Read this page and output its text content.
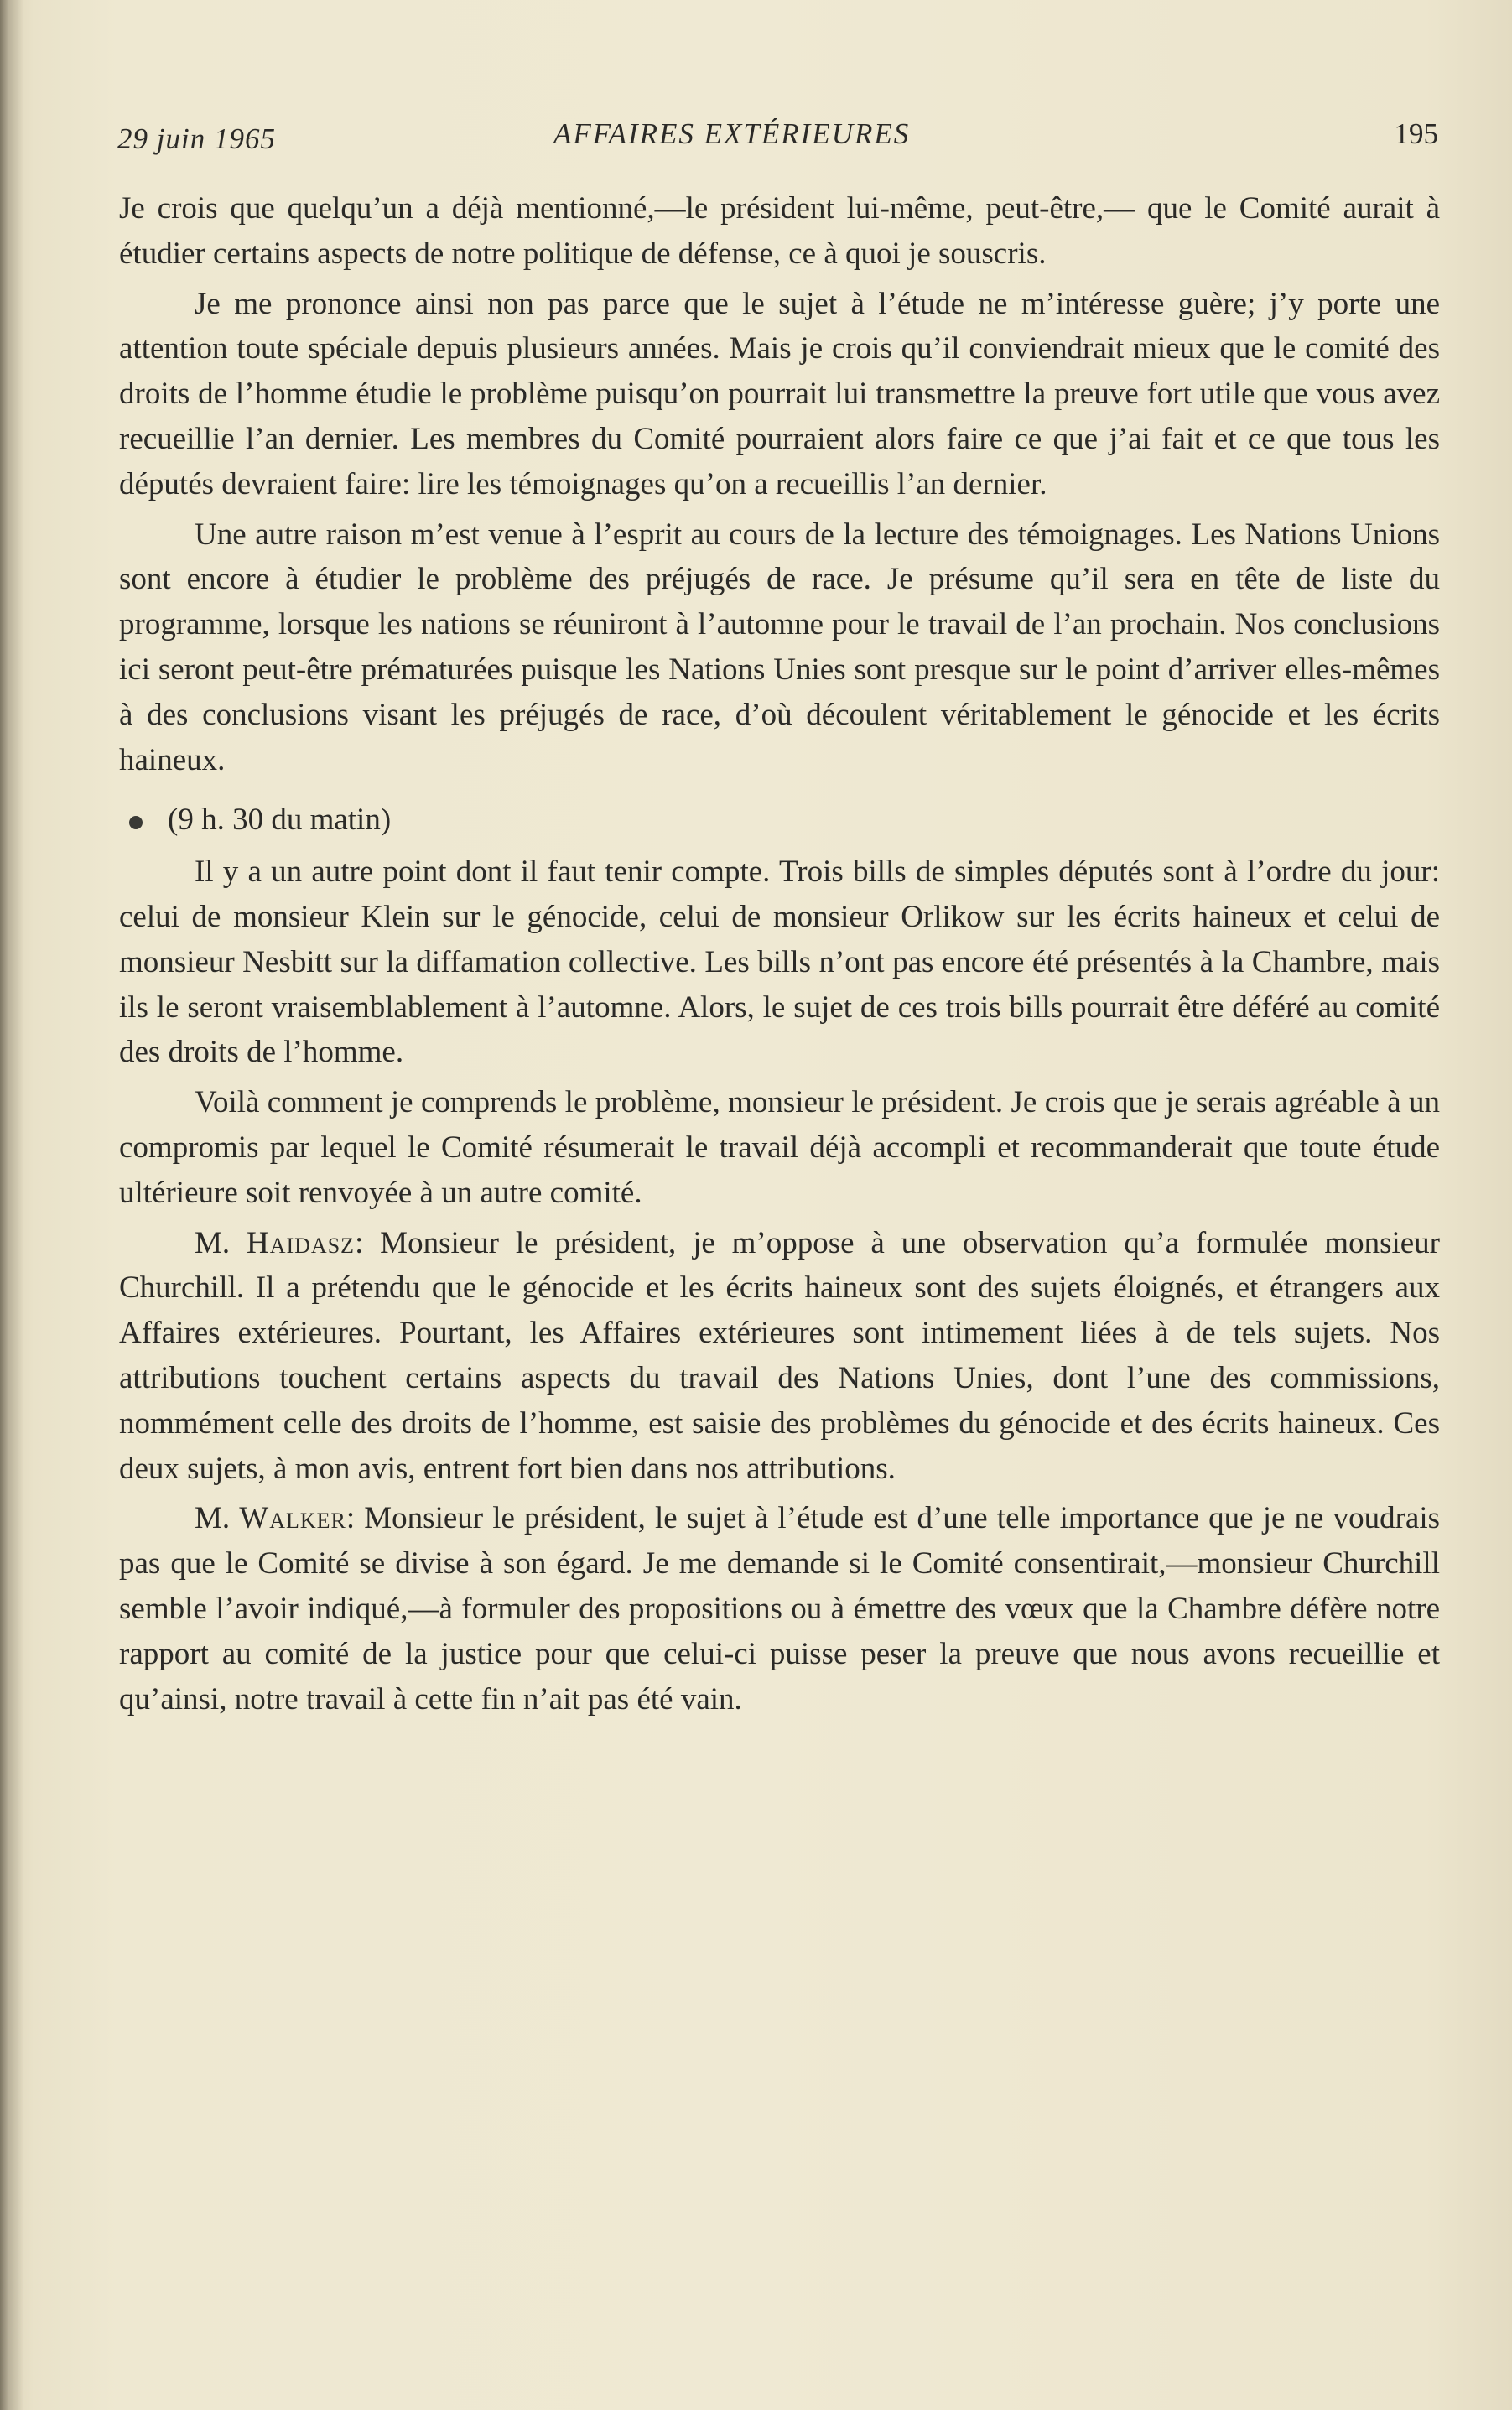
29 juin 1965	AFFAIRES EXTÉRIEURES	195

Je crois que quelqu’un a déjà mentionné,—le président lui-même, peut-être,— que le Comité aurait à étudier certains aspects de notre politique de défense, ce à quoi je souscris.

Je me prononce ainsi non pas parce que le sujet à l’étude ne m’intéresse guère; j’y porte une attention toute spéciale depuis plusieurs années. Mais je crois qu’il conviendrait mieux que le comité des droits de l’homme étudie le problème puisqu’on pourrait lui transmettre la preuve fort utile que vous avez recueillie l’an dernier. Les membres du Comité pourraient alors faire ce que j’ai fait et ce que tous les députés devraient faire: lire les témoignages qu’on a recueillis l’an dernier.

Une autre raison m’est venue à l’esprit au cours de la lecture des témoignages. Les Nations Unions sont encore à étudier le problème des préjugés de race. Je présume qu’il sera en tête de liste du programme, lorsque les nations se réuniront à l’automne pour le travail de l’an prochain. Nos conclusions ici seront peut-être prématurées puisque les Nations Unies sont presque sur le point d’arriver elles-mêmes à des conclusions visant les préjugés de race, d’où découlent véritablement le génocide et les écrits haineux.

(9 h. 30 du matin)

Il y a un autre point dont il faut tenir compte. Trois bills de simples députés sont à l’ordre du jour: celui de monsieur Klein sur le génocide, celui de monsieur Orlikow sur les écrits haineux et celui de monsieur Nesbitt sur la diffamation collective. Les bills n’ont pas encore été présentés à la Chambre, mais ils le seront vraisemblablement à l’automne. Alors, le sujet de ces trois bills pourrait être déféré au comité des droits de l’homme.

Voilà comment je comprends le problème, monsieur le président. Je crois que je serais agréable à un compromis par lequel le Comité résumerait le travail déjà accompli et recommanderait que toute étude ultérieure soit renvoyée à un autre comité.

M. Haidasz: Monsieur le président, je m’oppose à une observation qu’a formulée monsieur Churchill. Il a prétendu que le génocide et les écrits haineux sont des sujets éloignés, et étrangers aux Affaires extérieures. Pourtant, les Affaires extérieures sont intimement liées à de tels sujets. Nos attributions touchent certains aspects du travail des Nations Unies, dont l’une des commissions, nommément celle des droits de l’homme, est saisie des problèmes du génocide et des écrits haineux. Ces deux sujets, à mon avis, entrent fort bien dans nos attributions.

M. Walker: Monsieur le président, le sujet à l’étude est d’une telle importance que je ne voudrais pas que le Comité se divise à son égard. Je me demande si le Comité consentirait,—monsieur Churchill semble l’avoir indiqué,—à formuler des propositions ou à émettre des vœux que la Chambre défère notre rapport au comité de la justice pour que celui-ci puisse peser la preuve que nous avons recueillie et qu’ainsi, notre travail à cette fin n’ait pas été vain.
